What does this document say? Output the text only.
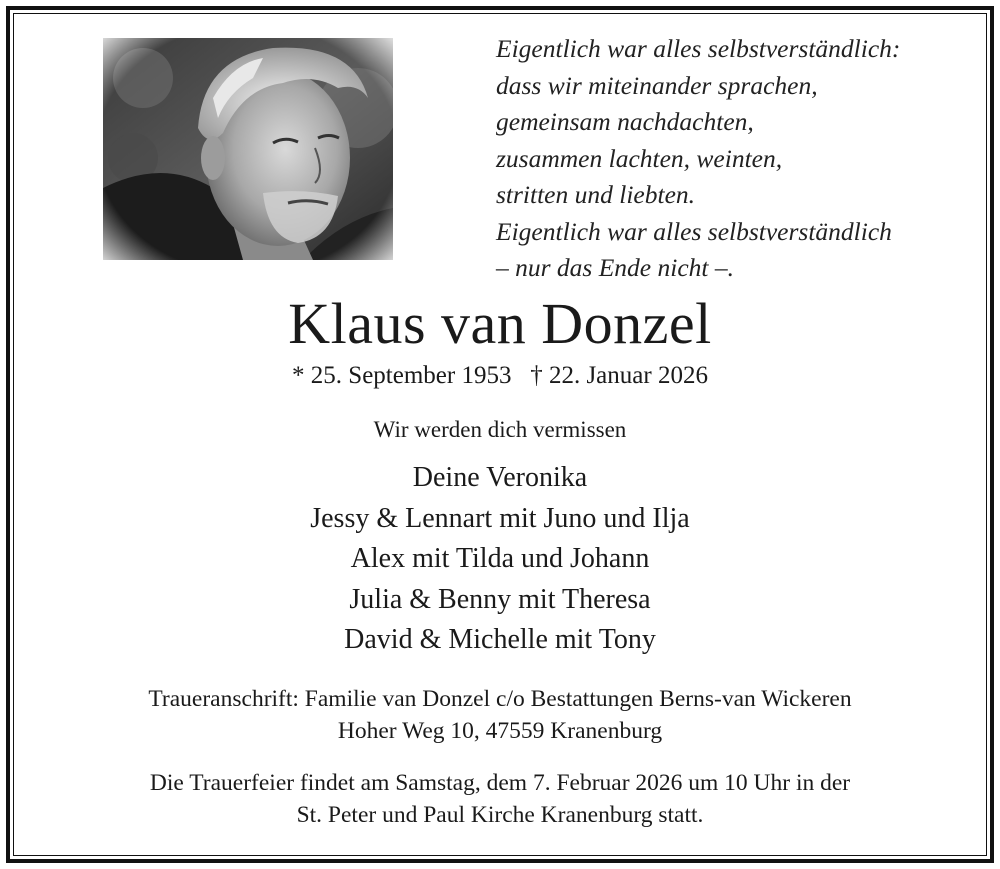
Eigentlich war alles selbstverständlich:
dass wir miteinander sprachen,
gemeinsam nachdachten,
zusammen lachten, weinten,
stritten und liebten.
Eigentlich war alles selbstverständlich
– nur das Ende nicht –.
Klaus van Donzel
* 25. September 1953   † 22. Januar 2026
Wir werden dich vermissen
Deine Veronika
Jessy & Lennart mit Juno und Ilja
Alex mit Tilda und Johann
Julia & Benny mit Theresa
David & Michelle mit Tony
Traueranschrift: Familie van Donzel c/o Bestattungen Berns-van Wickeren
Hoher Weg 10, 47559 Kranenburg
Die Trauerfeier findet am Samstag, dem 7. Februar 2026 um 10 Uhr in der
St. Peter und Paul Kirche Kranenburg statt.
